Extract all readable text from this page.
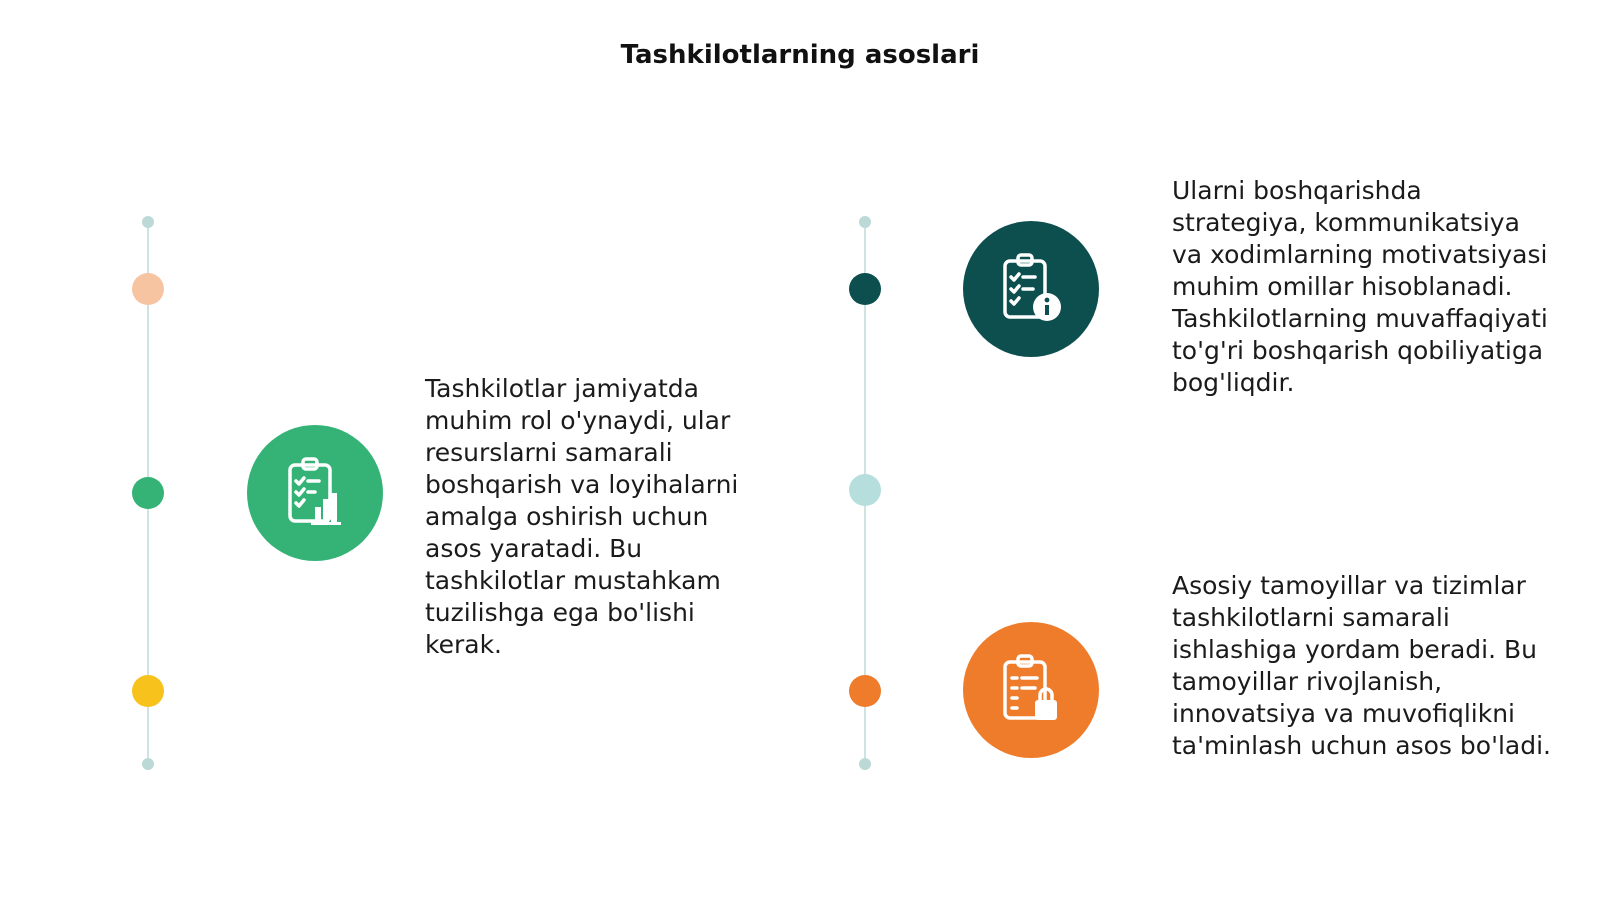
Tashkilotlarning asoslari

Tashkilotlar jamiyatda muhim rol o'ynaydi, ular resurslarni samarali boshqarish va loyihalarni amalga oshirish uchun asos yaratadi. Bu tashkilotlar mustahkam tuzilishga ega bo'lishi kerak.

Ularni boshqarishda strategiya, kommunikatsiya va xodimlarning motivatsiyasi muhim omillar hisoblanadi. Tashkilotlarning muvaffaqiyati to'g'ri boshqarish qobiliyatiga bog'liqdir.

Asosiy tamoyillar va tizimlar tashkilotlarni samarali ishlashiga yordam beradi. Bu tamoyillar rivojlanish, innovatsiya va muvofiqlikni ta'minlash uchun asos bo'ladi.
